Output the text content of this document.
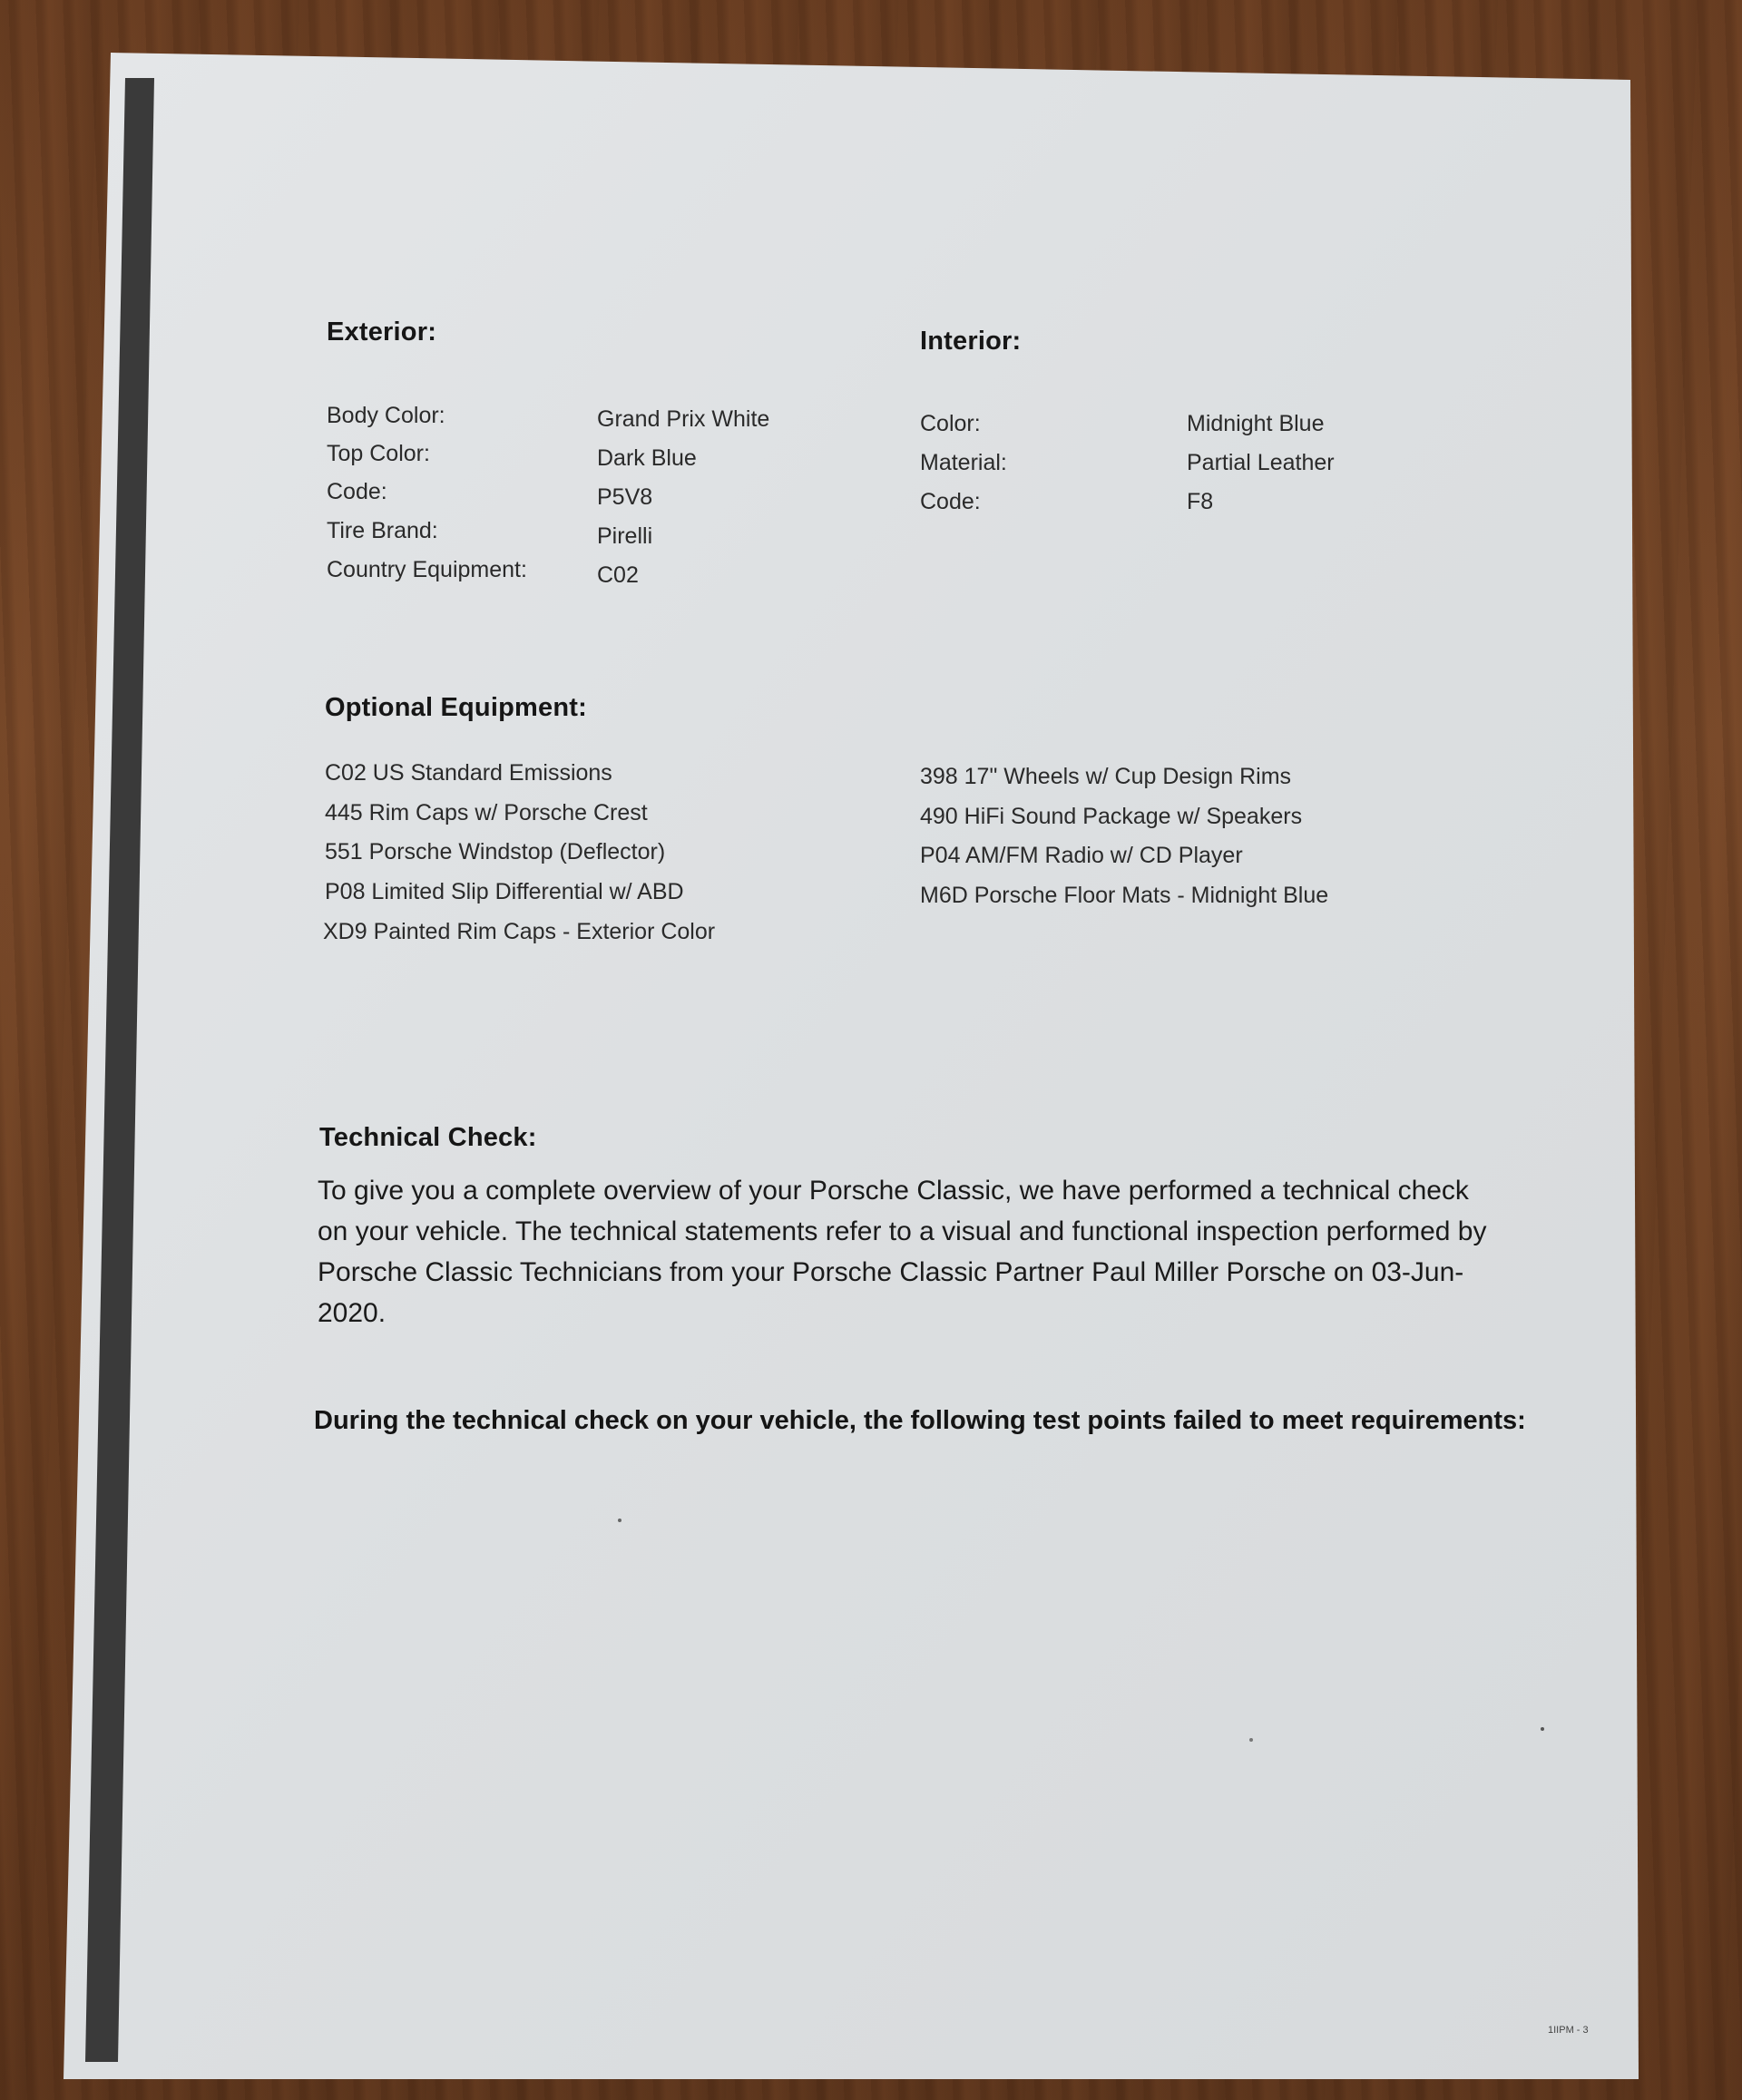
Exterior:
Body Color:	Grand Prix White
Top Color:	Dark Blue
Code:	P5V8
Tire Brand:	Pirelli
Country Equipment:	C02
Interior:
Color:	Midnight Blue
Material:	Partial Leather
Code:	F8
Optional Equipment:
C02 US Standard Emissions
445 Rim Caps w/ Porsche Crest
551 Porsche Windstop (Deflector)
P08 Limited Slip Differential w/ ABD
XD9 Painted Rim Caps - Exterior Color
398 17" Wheels w/ Cup Design Rims
490 HiFi Sound Package w/ Speakers
P04 AM/FM Radio w/ CD Player
M6D Porsche Floor Mats - Midnight Blue
Technical Check:
To give you a complete overview of your Porsche Classic, we have performed a technical check on your vehicle. The technical statements refer to a visual and functional inspection performed by Porsche Classic Technicians from your Porsche Classic Partner Paul Miller Porsche on 03-Jun-2020.
During the technical check on your vehicle, the following test points failed to meet requirements:
1IIPM - 3
